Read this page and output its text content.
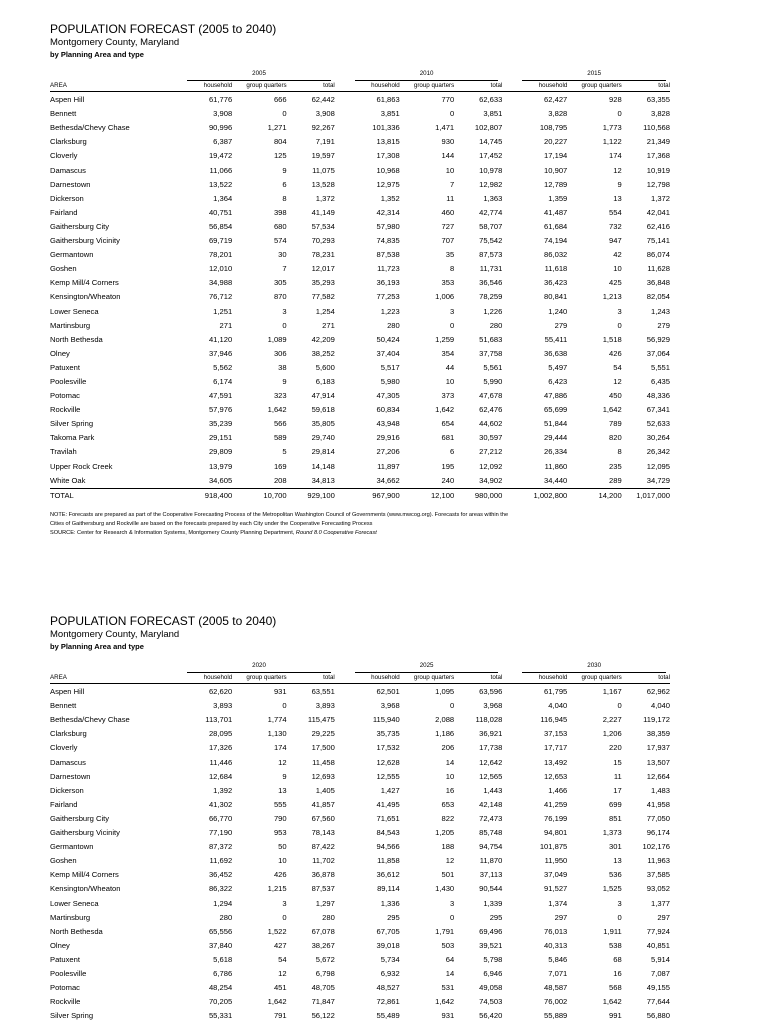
POPULATION FORECAST (2005 to 2040)
Montgomery County, Maryland
by Planning Area and type

	2005			2010			2015		

AREA	household	group quarters	total	household	group quarters	total	household	group quarters	total

Aspen Hill	61,776	666	62,442	61,863	770	62,633	62,427	928	63,355
Bennett	3,908	0	3,908	3,851	0	3,851	3,828	0	3,828
Bethesda/Chevy Chase	90,996	1,271	92,267	101,336	1,471	102,807	108,795	1,773	110,568
Clarksburg	6,387	804	7,191	13,815	930	14,745	20,227	1,122	21,349
Cloverly	19,472	125	19,597	17,308	144	17,452	17,194	174	17,368
Damascus	11,066	9	11,075	10,968	10	10,978	10,907	12	10,919
Darnestown	13,522	6	13,528	12,975	7	12,982	12,789	9	12,798
Dickerson	1,364	8	1,372	1,352	11	1,363	1,359	13	1,372
Fairland	40,751	398	41,149	42,314	460	42,774	41,487	554	42,041
Gaithersburg City	56,854	680	57,534	57,980	727	58,707	61,684	732	62,416
Gaithersburg Vicinity	69,719	574	70,293	74,835	707	75,542	74,194	947	75,141
Germantown	78,201	30	78,231	87,538	35	87,573	86,032	42	86,074
Goshen	12,010	7	12,017	11,723	8	11,731	11,618	10	11,628
Kemp Mill/4 Corners	34,988	305	35,293	36,193	353	36,546	36,423	425	36,848
Kensington/Wheaton	76,712	870	77,582	77,253	1,006	78,259	80,841	1,213	82,054
Lower Seneca	1,251	3	1,254	1,223	3	1,226	1,240	3	1,243
Martinsburg	271	0	271	280	0	280	279	0	279
North Bethesda	41,120	1,089	42,209	50,424	1,259	51,683	55,411	1,518	56,929
Olney	37,946	306	38,252	37,404	354	37,758	36,638	426	37,064
Patuxent	5,562	38	5,600	5,517	44	5,561	5,497	54	5,551
Poolesville	6,174	9	6,183	5,980	10	5,990	6,423	12	6,435
Potomac	47,591	323	47,914	47,305	373	47,678	47,886	450	48,336
Rockville	57,976	1,642	59,618	60,834	1,642	62,476	65,699	1,642	67,341
Silver Spring	35,239	566	35,805	43,948	654	44,602	51,844	789	52,633
Takoma Park	29,151	589	29,740	29,916	681	30,597	29,444	820	30,264
Travilah	29,809	5	29,814	27,206	6	27,212	26,334	8	26,342
Upper Rock Creek	13,979	169	14,148	11,897	195	12,092	11,860	235	12,095
White Oak	34,605	208	34,813	34,662	240	34,902	34,440	289	34,729
TOTAL	918,400	10,700	929,100	967,900	12,100	980,000	1,002,800	14,200	1,017,000
NOTE: Forecasts are prepared as part of the Cooperative Forecasting Process of the Metropolitan Washington Council of Governments (www.mwcog.org). Forecasts for areas within the
Cities of Gaithersburg and Rockville are based on the forecasts prepared by each City under the Cooperative Forecasting Process
SOURCE: Center for Research & Information Systems, Montgomery County Planning Department, Round 8.0 Cooperative Forecast
POPULATION FORECAST (2005 to 2040)
Montgomery County, Maryland
by Planning Area and type

	2020			2025			2030		

AREA	household	group quarters	total	household	group quarters	total	household	group quarters	total

Aspen Hill	62,620	931	63,551	62,501	1,095	63,596	61,795	1,167	62,962
Bennett	3,893	0	3,893	3,968	0	3,968	4,040	0	4,040
Bethesda/Chevy Chase	113,701	1,774	115,475	115,940	2,088	118,028	116,945	2,227	119,172
Clarksburg	28,095	1,130	29,225	35,735	1,186	36,921	37,153	1,206	38,359
Cloverly	17,326	174	17,500	17,532	206	17,738	17,717	220	17,937
Damascus	11,446	12	11,458	12,628	14	12,642	13,492	15	13,507
Darnestown	12,684	9	12,693	12,555	10	12,565	12,653	11	12,664
Dickerson	1,392	13	1,405	1,427	16	1,443	1,466	17	1,483
Fairland	41,302	555	41,857	41,495	653	42,148	41,259	699	41,958
Gaithersburg City	66,770	790	67,560	71,651	822	72,473	76,199	851	77,050
Gaithersburg Vicinity	77,190	953	78,143	84,543	1,205	85,748	94,801	1,373	96,174
Germantown	87,372	50	87,422	94,566	188	94,754	101,875	301	102,176
Goshen	11,692	10	11,702	11,858	12	11,870	11,950	13	11,963
Kemp Mill/4 Corners	36,452	426	36,878	36,612	501	37,113	37,049	536	37,585
Kensington/Wheaton	86,322	1,215	87,537	89,114	1,430	90,544	91,527	1,525	93,052
Lower Seneca	1,294	3	1,297	1,336	3	1,339	1,374	3	1,377
Martinsburg	280	0	280	295	0	295	297	0	297
North Bethesda	65,556	1,522	67,078	67,705	1,791	69,496	76,013	1,911	77,924
Olney	37,840	427	38,267	39,018	503	39,521	40,313	538	40,851
Patuxent	5,618	54	5,672	5,734	64	5,798	5,846	68	5,914
Poolesville	6,786	12	6,798	6,932	14	6,946	7,071	16	7,087
Potomac	48,254	451	48,705	48,527	531	49,058	48,587	568	49,155
Rockville	70,205	1,642	71,847	72,861	1,642	74,503	76,002	1,642	77,644
Silver Spring	55,331	791	56,122	55,489	931	56,420	55,889	991	56,880
